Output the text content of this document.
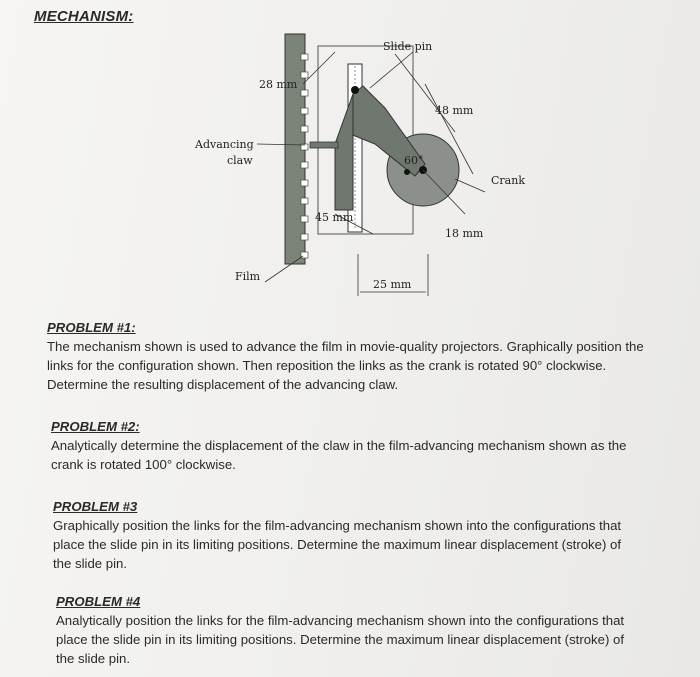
MECHANISM:
Slide pin
28 mm
48 mm
Advancing
claw	60°
Crank
45 mm
18 mm
Film
25 mm
PROBLEM #1:
The mechanism shown is used to advance the film in movie-quality projectors. Graphically position the links for the configuration shown. Then reposition the links as the crank is rotated 90° clockwise. Determine the resulting displacement of the advancing claw.
PROBLEM #2:
Analytically determine the displacement of the claw in the film-advancing mechanism shown as the crank is rotated 100° clockwise.
PROBLEM #3
Graphically position the links for the film-advancing mechanism shown into the configurations that place the slide pin in its limiting positions. Determine the maximum linear displacement (stroke) of the slide pin.
PROBLEM #4
Analytically position the links for the film-advancing mechanism shown into the configurations that place the slide pin in its limiting positions. Determine the maximum linear displacement (stroke) of the slide pin.
